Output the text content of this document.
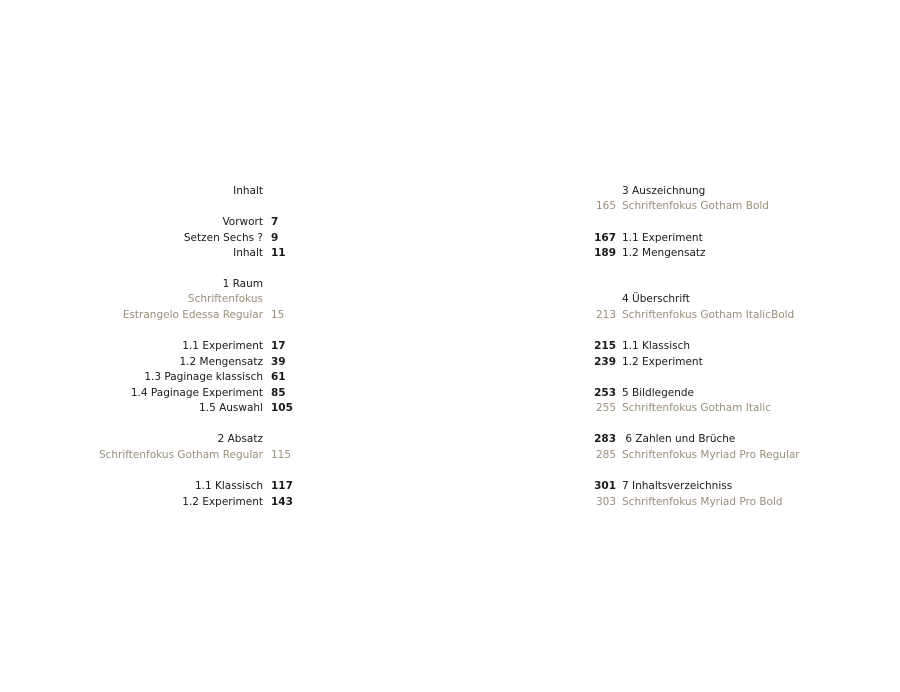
Inhalt
Vorwort 7
Setzen Sechs ? 9
Inhalt 11
1 Raum
Schriftenfokus
Estrangelo Edessa Regular 15
1.1 Experiment 17
1.2 Mengensatz 39
1.3 Paginage klassisch 61
1.4 Paginage Experiment 85
1.5 Auswahl 105
2 Absatz
Schriftenfokus Gotham Regular 115
1.1 Klassisch 117
1.2 Experiment 143
3 Auszeichnung
165 Schriftenfokus Gotham Bold
167 1.1 Experiment
189 1.2 Mengensatz
4 Überschrift
213 Schriftenfokus Gotham ItalicBold
215 1.1 Klassisch
239 1.2 Experiment
253 5 Bildlegende
255 Schriftenfokus Gotham Italic
283 6 Zahlen und Brüche
285 Schriftenfokus Myriad Pro Regular
301 7 Inhaltsverzeichniss
303 Schriftenfokus Myriad Pro Bold
